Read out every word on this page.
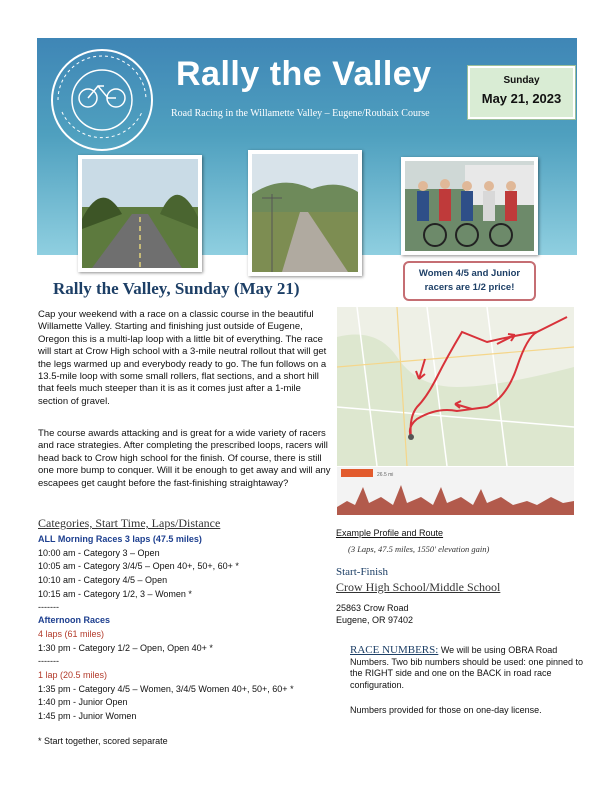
Rally the Valley
Road Racing in the Willamette Valley – Eugene/Roubaix Course
Sunday
May 21, 2023
Rally the Valley, Sunday (May 21)
Women 4/5 and Junior
racers are 1/2 price!

Cap your weekend with a race on a classic course in the beautiful Willamette Valley. Starting and finishing just outside of Eugene, Oregon this is a multi-lap loop with a little bit of everything. The race will start at Crow High school with a 3-mile neutral rollout that will get the legs warmed up and everybody ready to go. The fun follows on a 13.5-mile loop with some small rollers, flat sections, and a short hill that feels much steeper than it is as it comes just after a 1-mile section of gravel.

The course awards attacking and is great for a wide variety of racers and race strategies. After completing the prescribed loops, racers will head back to Crow high school for the finish. Of course, there is still one more bump to conquer. Will it be enough to get away and will any escapees get caught before the fast-finishing straightaway?

Categories, Start Time, Laps/Distance
ALL Morning Races 3 laps (47.5 miles)
10:00 am - Category 3 – Open
10:05 am - Category 3/4/5 – Open 40+, 50+, 60+ *
10:10 am - Category 4/5 – Open
10:15 am - Category 1/2, 3 – Women *
-------
Afternoon Races
4 laps (61 miles)
1:30 pm - Category 1/2 – Open, Open 40+ *
-------
1 lap (20.5 miles)
1:35 pm - Category 4/5 – Women, 3/4/5 Women 40+, 50+, 60+ *
1:40 pm - Junior Open
1:45 pm - Junior Women
* Start together, scored separate
26.5 mi
Example Profile and Route
(3 Laps, 47.5 miles, 1550' elevation gain)
Start-Finish
Crow High School/Middle School
25863 Crow Road
Eugene, OR 97402
RACE NUMBERS: We will be using OBRA Road Numbers. Two bib numbers should be used: one pinned to the RIGHT side and one on the BACK in road race configuration.
Numbers provided for those on one-day license.
